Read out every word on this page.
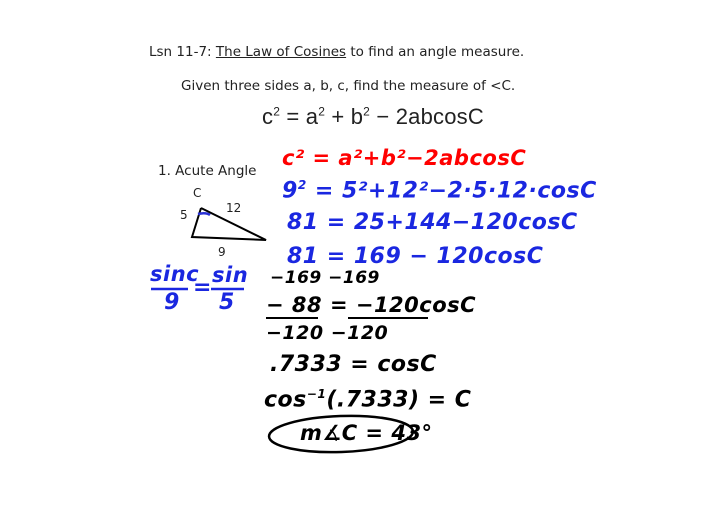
Lsn 11-7: The Law of Cosines to find an angle measure.
Given three sides a, b, c, find the measure of <C.
$c^2 = a^2 + b^2 - 2abcosC$
1. Acute Angle
C
5	12
9
sinc
9
= sin
5
c² = a²+b²−2abcosC
$9^2 = 5^2+12^2-2\cdot 5\cdot 12\cdot\cos C$
81 = 25+144−120cosC
81 = 169 − 120cosC
−169 −169
− 88 = −120cosC
−120 −120
.7333 = cosC
$\cos^{-1}(.7333) = C$
m∡C = 43°
